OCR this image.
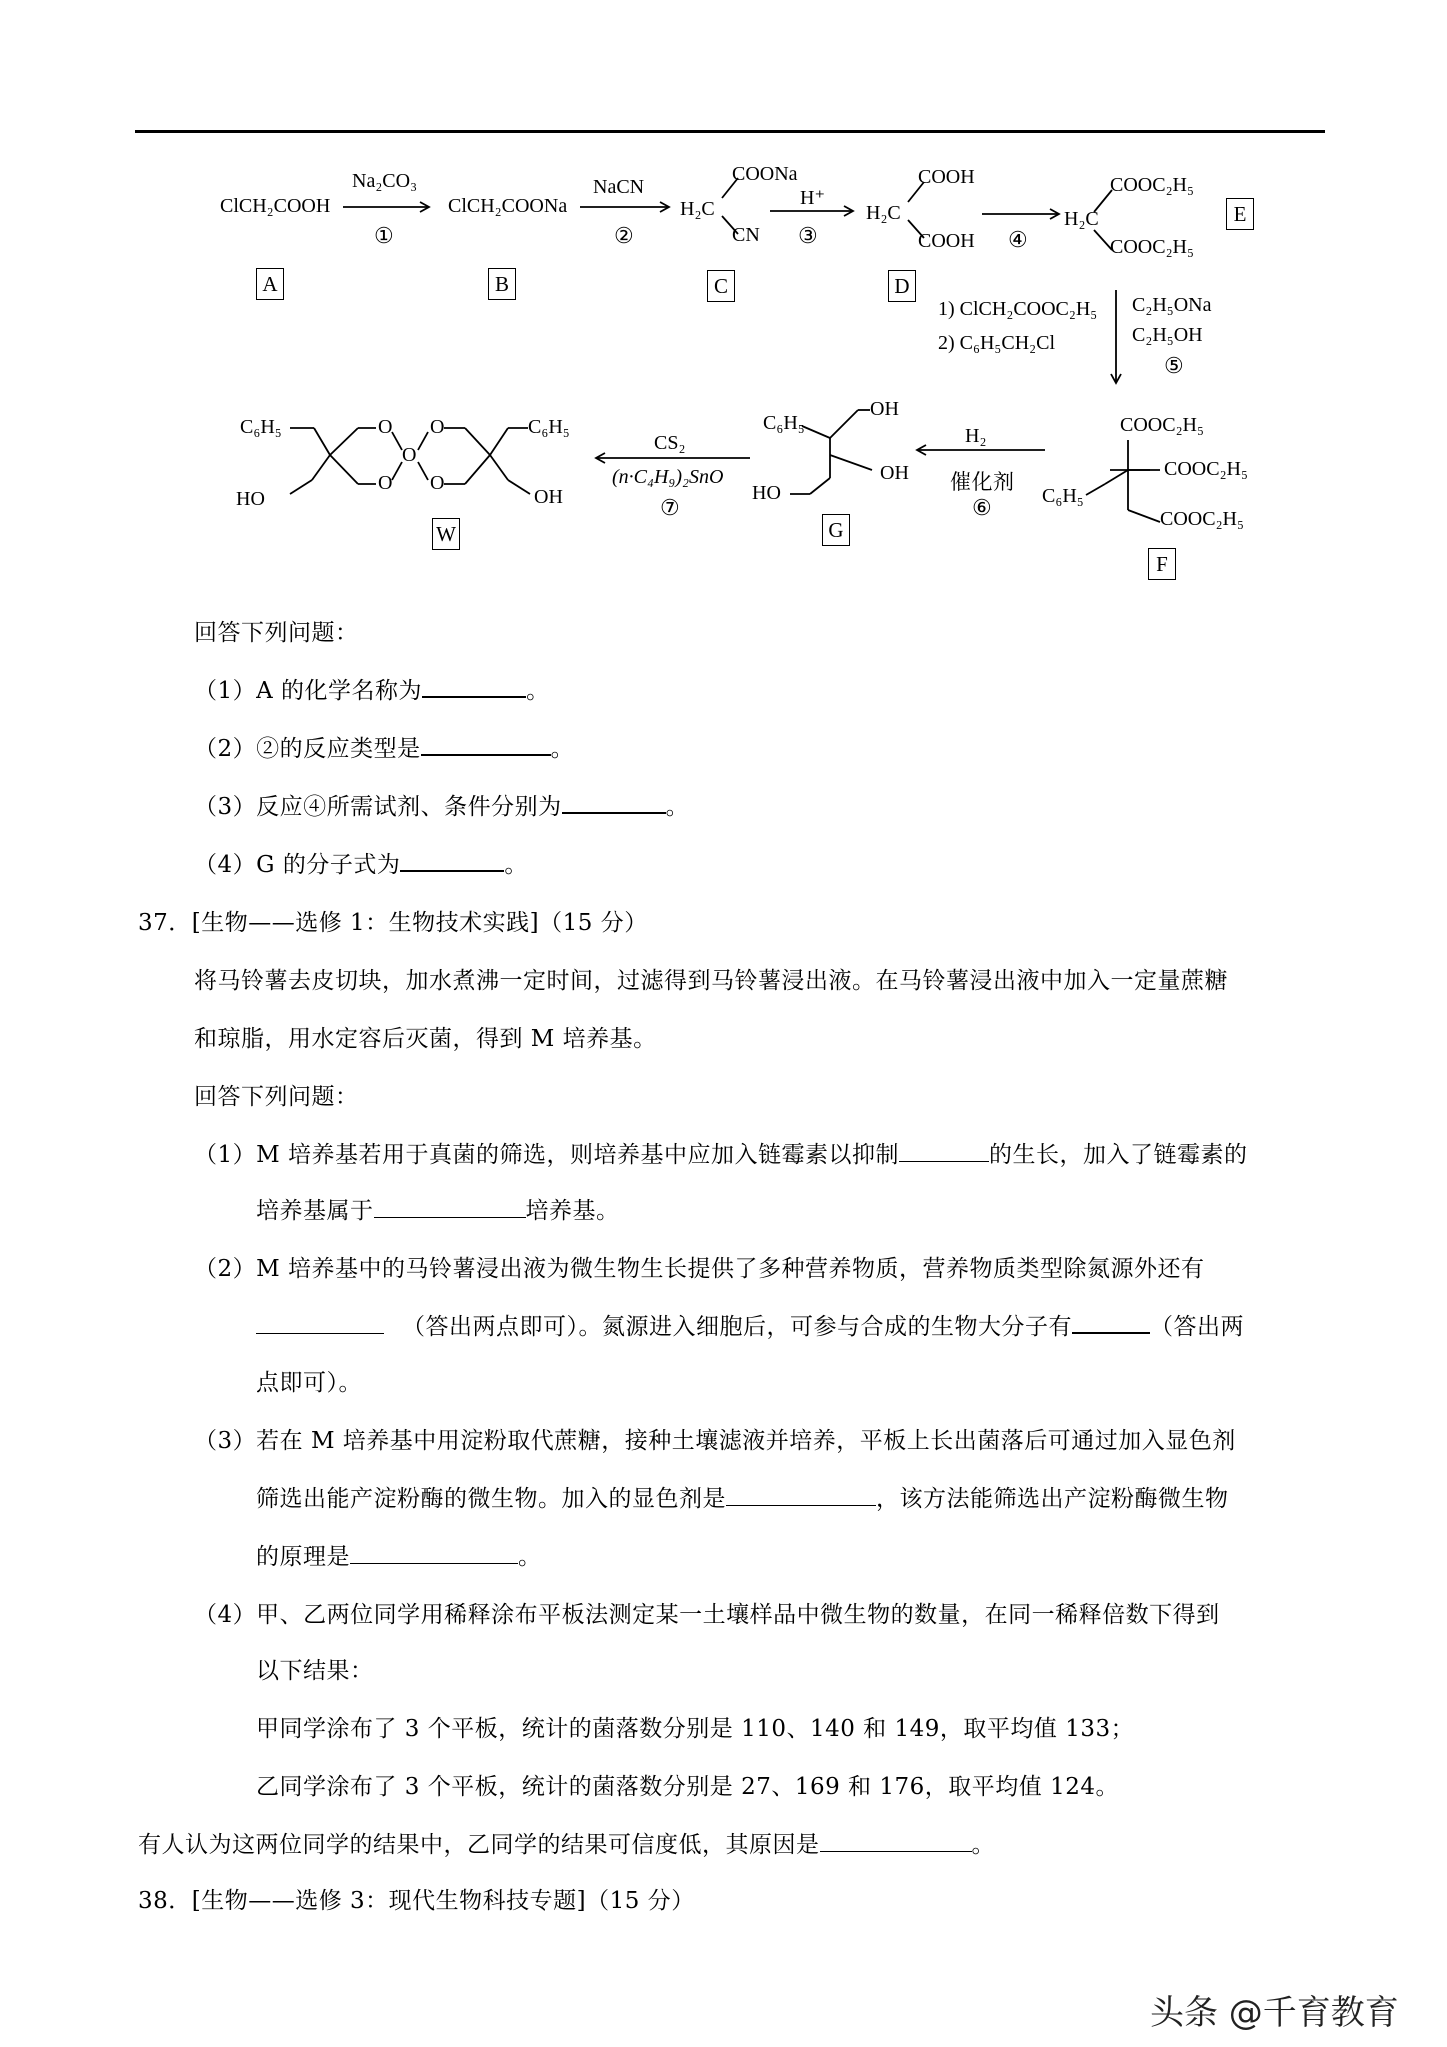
ClCH₂COOH
Na₂CO₃
①
ClCH₂COONa
NaCN
②
COONa
H₂C
CN
H⁺
③
COOH
H₂C
COOH ④
COOC₂H₅
H₂C
COOC₂H₅
1) ClCH₂COOC₂H₅
2) C₆H₅CH₂Cl
C₂H₅ONa
C₂H₅OH
⑤
COOC₂H₅
COOC₂H₅
COOC₂H₅
C₆H₅
H₂
催化剂
⑥
C₆H₅
OH
OH
HO
CS₂
(n·C₄H₉)₂SnO
⑦
C₆H₅	C₆H₅
O
O
O
O
O
HO	OH
A	B	C	D
E
F
G
W
回答下列问题：
（1）A 的化学名称为	。
（2）②的反应类型是	。
（3）反应④所需试剂、条件分别为	。
（4）G 的分子式为	。
37．[生物——选修 1：生物技术实践]（15 分）
将马铃薯去皮切块，加水煮沸一定时间，过滤得到马铃薯浸出液。在马铃薯浸出液中加入一定量蔗糖
和琼脂，用水定容后灭菌，得到 M 培养基。
回答下列问题：
（1）M 培养基若用于真菌的筛选，则培养基中应加入链霉素以抑制	的生长，加入了链霉素的
培养基属于	培养基。
（2）M 培养基中的马铃薯浸出液为微生物生长提供了多种营养物质，营养物质类型除氮源外还有
（答出两点即可）。氮源进入细胞后，可参与合成的生物大分子有	（答出两
点即可）。
（3）若在 M 培养基中用淀粉取代蔗糖，接种土壤滤液并培养，平板上长出菌落后可通过加入显色剂
筛选出能产淀粉酶的微生物。加入的显色剂是	，该方法能筛选出产淀粉酶微生物
的原理是	。
（4）甲、乙两位同学用稀释涂布平板法测定某一土壤样品中微生物的数量，在同一稀释倍数下得到
以下结果：
甲同学涂布了 3 个平板，统计的菌落数分别是 110、140 和 149，取平均值 133；
乙同学涂布了 3 个平板，统计的菌落数分别是 27、169 和 176，取平均值 124。
有人认为这两位同学的结果中，乙同学的结果可信度低，其原因是	。
38．[生物——选修 3：现代生物科技专题]（15 分）
头条 @千育教育
